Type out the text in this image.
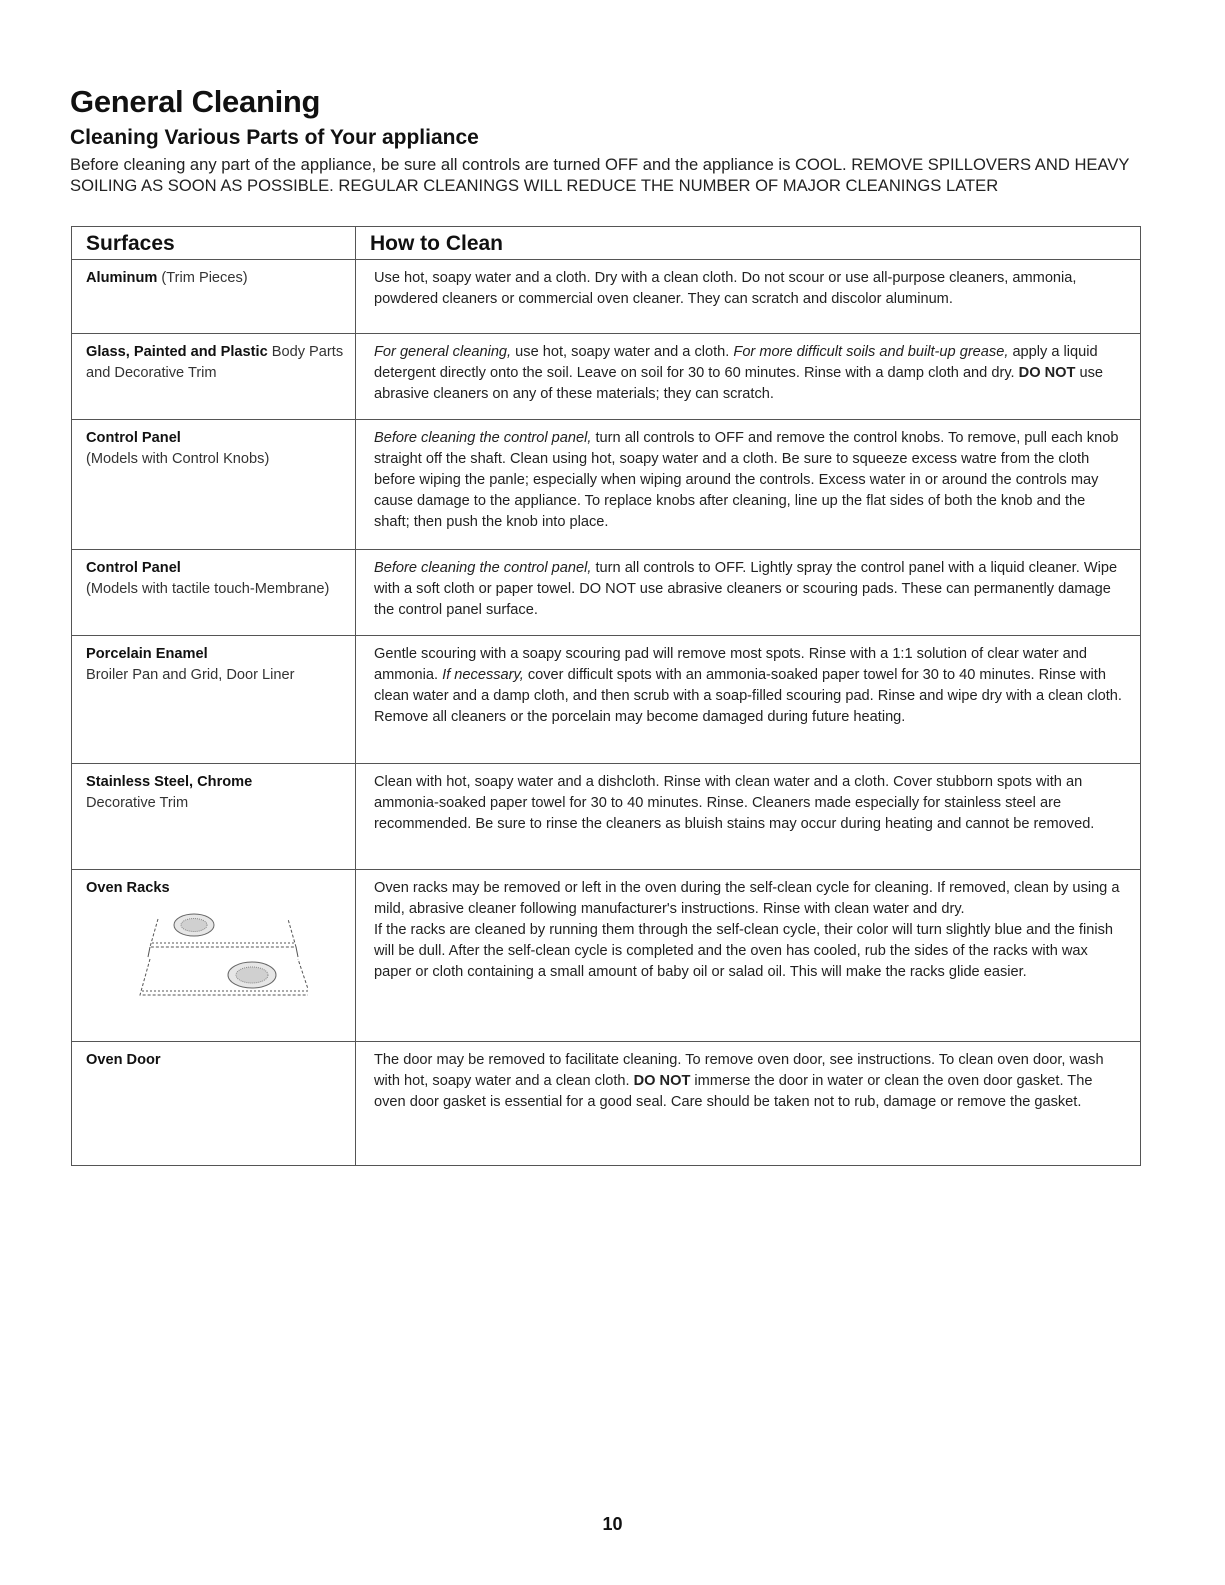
General Cleaning
Cleaning Various Parts of Your appliance

Before cleaning any part of the appliance, be sure all controls are turned OFF and the appliance is COOL. REMOVE SPILLOVERS AND HEAVY SOILING AS SOON AS POSSIBLE. REGULAR CLEANINGS WILL REDUCE THE NUMBER OF MAJOR CLEANINGS LATER

Surfaces	How to Clean
Aluminum (Trim Pieces)	Use hot, soapy water and a cloth. Dry with a clean cloth. Do not scour or use all-purpose cleaners, ammonia, powdered cleaners or commercial oven cleaner. They can scratch and discolor aluminum.
Glass, Painted and Plastic Body Parts and Decorative Trim	For general cleaning, use hot, soapy water and a cloth. For more difficult soils and built-up grease, apply a liquid detergent directly onto the soil. Leave on soil for 30 to 60 minutes. Rinse with a damp cloth and dry. DO NOT use abrasive cleaners on any of these materials; they can scratch.
Control Panel
(Models with Control Knobs)	Before cleaning the control panel, turn all controls to OFF and remove the control knobs. To remove, pull each knob straight off the shaft. Clean using hot, soapy water and a cloth. Be sure to squeeze excess watre from the cloth before wiping the panle; especially when wiping around the controls. Excess water in or around the controls may cause damage to the appliance. To replace knobs after cleaning, line up the flat sides of both the knob and the shaft; then push the knob into place.
Control Panel
(Models with tactile touch-Membrane)	Before cleaning the control panel, turn all controls to OFF. Lightly spray the control panel with a liquid cleaner. Wipe with a soft cloth or paper towel. DO NOT use abrasive cleaners or scouring pads. These can permanently damage the control panel surface.
Porcelain Enamel
Broiler Pan and Grid, Door Liner	Gentle scouring with a soapy scouring pad will remove most spots. Rinse with a 1:1 solution of clear water and ammonia. If necessary, cover difficult spots with an ammonia-soaked paper towel for 30 to 40 minutes. Rinse with clean water and a damp cloth, and then scrub with a soap-filled scouring pad. Rinse and wipe dry with a clean cloth. Remove all cleaners or the porcelain may become damaged during future heating.
Stainless Steel, Chrome
Decorative Trim	Clean with hot, soapy water and a dishcloth. Rinse with clean water and a cloth. Cover stubborn spots with an ammonia-soaked paper towel for 30 to 40 minutes. Rinse. Cleaners made especially for stainless steel are recommended. Be sure to rinse the cleaners as bluish stains may occur during heating and cannot be removed.
Oven Racks	Oven racks may be removed or left in the oven during the self-clean cycle for cleaning. If removed, clean by using a mild, abrasive cleaner following manufacturer's instructions. Rinse with clean water and dry.
If the racks are cleaned by running them through the self-clean cycle, their color will turn slightly blue and the finish will be dull. After the self-clean cycle is completed and the oven has cooled, rub the sides of the racks with wax paper or cloth containing a small amount of baby oil or salad oil. This will make the racks glide easier.
Oven Door	The door may be removed to facilitate cleaning. To remove oven door, see instructions. To clean oven door, wash with hot, soapy water and a clean cloth. DO NOT immerse the door in water or clean the oven door gasket. The oven door gasket is essential for a good seal. Care should be taken not to rub, damage or remove the gasket.
10
